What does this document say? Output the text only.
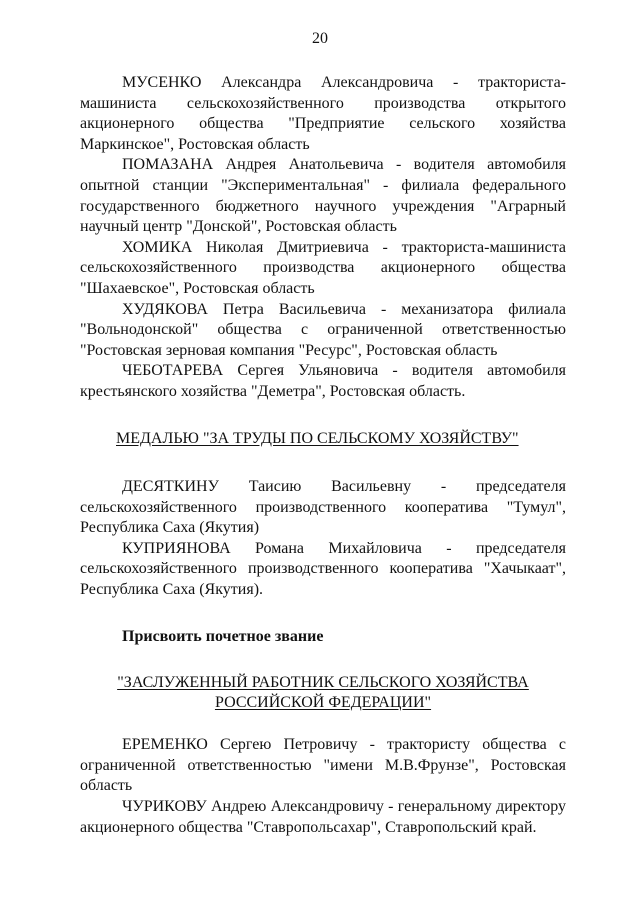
20

МУСЕНКО Александра Александровича - тракториста-машиниста сельскохозяйственного производства открытого акционерного общества "Предприятие сельского хозяйства Маркинское", Ростовская область

ПОМАЗАНА Андрея Анатольевича - водителя автомобиля опытной станции "Экспериментальная" - филиала федерального государственного бюджетного научного учреждения "Аграрный научный центр "Донской", Ростовская область

ХОМИКА Николая Дмитриевича - тракториста-машиниста сельскохозяйственного производства акционерного общества "Шахаевское", Ростовская область

ХУДЯКОВА Петра Васильевича - механизатора филиала "Вольнодонской" общества с ограниченной ответственностью "Ростовская зерновая компания "Ресурс", Ростовская область

ЧЕБОТАРЕВА Сергея Ульяновича - водителя автомобиля крестьянского хозяйства "Деметра", Ростовская область.

МЕДАЛЬЮ "ЗА ТРУДЫ ПО СЕЛЬСКОМУ ХОЗЯЙСТВУ"

ДЕСЯТКИНУ Таисию Васильевну - председателя сельскохозяйственного производственного кооператива "Тумул", Республика Саха (Якутия)

КУПРИЯНОВА Романа Михайловича - председателя сельскохозяйственного производственного кооператива "Хачыкаат", Республика Саха (Якутия).

Присвоить почетное звание
"ЗАСЛУЖЕННЫЙ РАБОТНИК СЕЛЬСКОГО ХОЗЯЙСТВА
РОССИЙСКОЙ ФЕДЕРАЦИИ"

ЕРЕМЕНКО Сергею Петровичу - трактористу общества с ограниченной ответственностью "имени М.В.Фрунзе", Ростовская область

ЧУРИКОВУ Андрею Александровичу - генеральному директору акционерного общества "Ставропольсахар", Ставропольский край.
